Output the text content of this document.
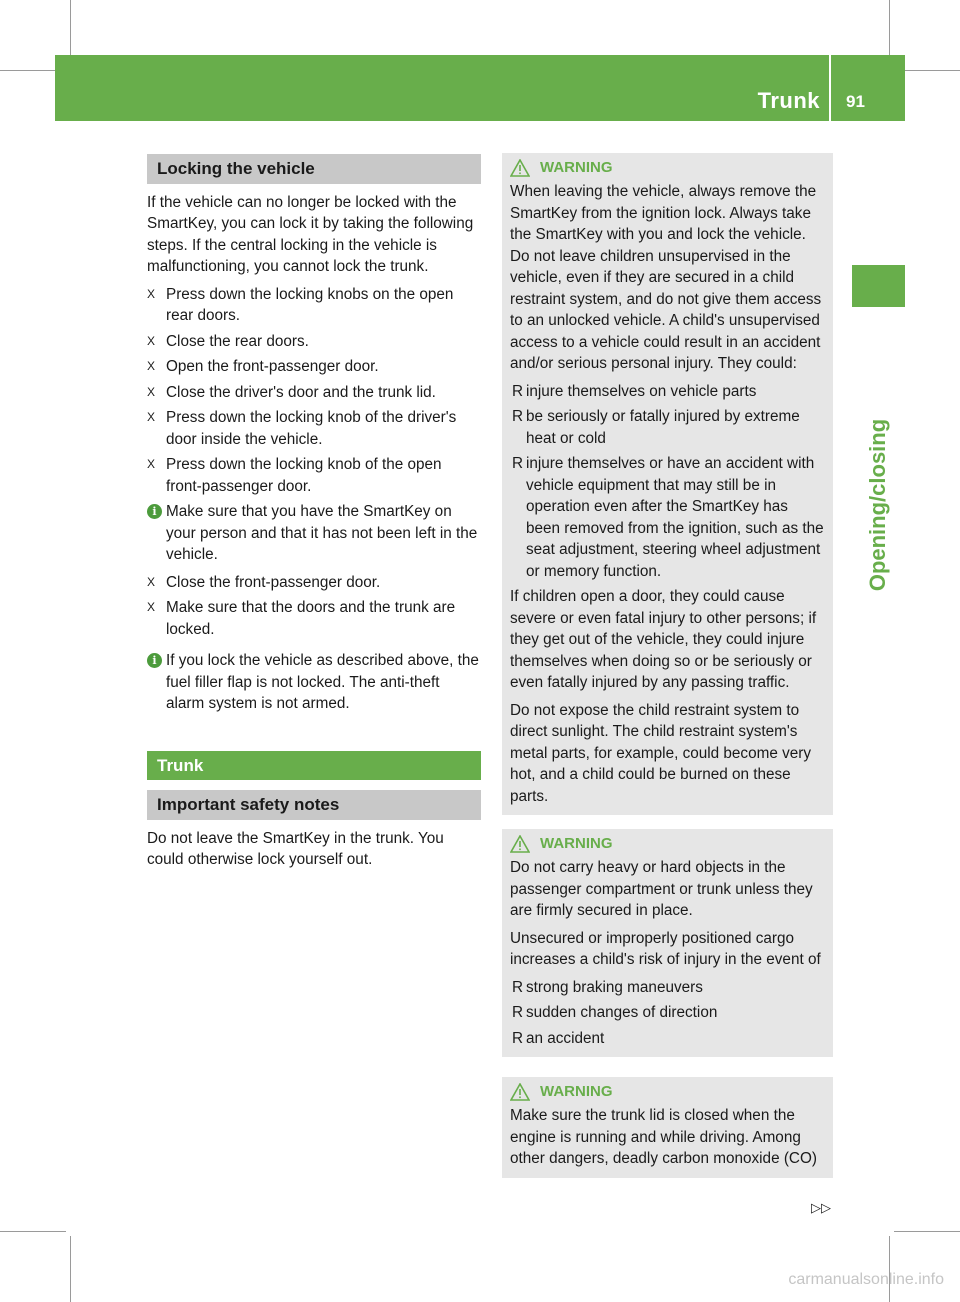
Trunk 91
Opening/closing
Locking the vehicle

If the vehicle can no longer be locked with the SmartKey, you can lock it by taking the following steps. If the central locking in the vehicle is malfunctioning, you cannot lock the trunk.

X Press down the locking knobs on the open rear doors.
X Close the rear doors.
X Open the front-passenger door.
X Close the driver's door and the trunk lid.
X Press down the locking knob of the driver's door inside the vehicle.
X Press down the locking knob of the open front-passenger door.
i Make sure that you have the SmartKey on your person and that it has not been left in the vehicle.
X Close the front-passenger door.
X Make sure that the doors and the trunk are locked.
i If you lock the vehicle as described above, the fuel filler flap is not locked. The anti-theft alarm system is not armed.
Trunk
Important safety notes

Do not leave the SmartKey in the trunk. You could otherwise lock yourself out.

WARNING

When leaving the vehicle, always remove the SmartKey from the ignition lock. Always take the SmartKey with you and lock the vehicle. Do not leave children unsupervised in the vehicle, even if they are secured in a child restraint system, and do not give them access to an unlocked vehicle. A child's unsupervised access to a vehicle could result in an accident and/or serious personal injury. They could:

R injure themselves on vehicle parts
R be seriously or fatally injured by extreme heat or cold
R injure themselves or have an accident with vehicle equipment that may still be in operation even after the SmartKey has been removed from the ignition, such as the seat adjustment, steering wheel adjustment or memory function.

If children open a door, they could cause severe or even fatal injury to other persons; if they get out of the vehicle, they could injure themselves when doing so or be seriously or even fatally injured by any passing traffic.

Do not expose the child restraint system to direct sunlight. The child restraint system's metal parts, for example, could become very hot, and a child could be burned on these parts.

WARNING

Do not carry heavy or hard objects in the passenger compartment or trunk unless they are firmly secured in place.

Unsecured or improperly positioned cargo increases a child's risk of injury in the event of

R strong braking maneuvers
R sudden changes of direction
R an accident
WARNING

Make sure the trunk lid is closed when the engine is running and while driving. Among other dangers, deadly carbon monoxide (CO)

▷▷
carmanualsonline.info
